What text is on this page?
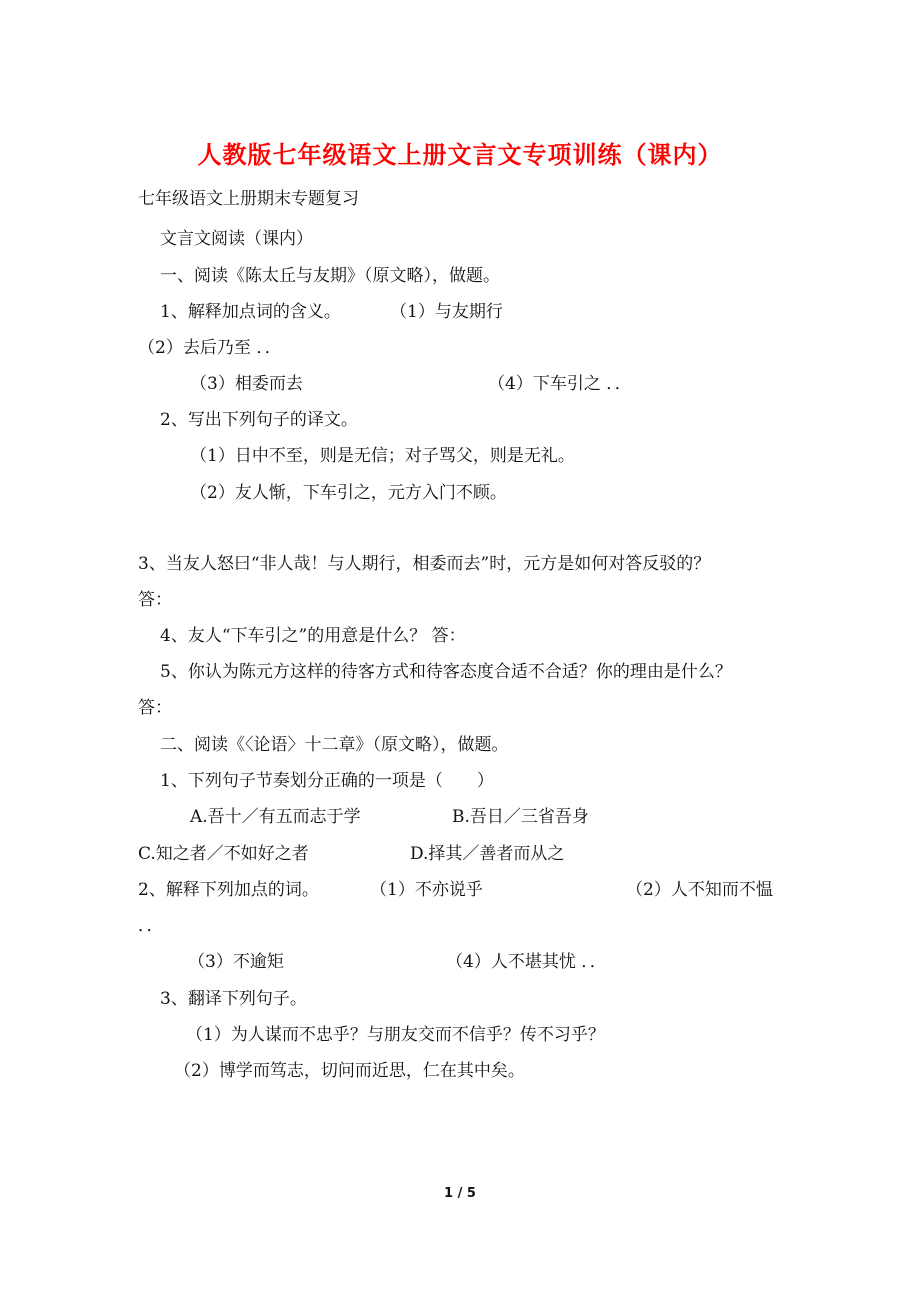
人教版七年级语文上册文言文专项训练（课内）
七年级语文上册期末专题复习
文言文阅读（课内）
一、阅读《陈太丘与友期》（原文略），做题。
1、解释加点词的含义。	（1）与友期行
（2）去后乃至 ．．
（3）相委而去	（4）下车引之 ．．
2、写出下列句子的译文。
（1）日中不至，则是无信；对子骂父，则是无礼。
（2）友人惭，下车引之，元方入门不顾。
3、当友人怒曰“非人哉！与人期行，相委而去”时，元方是如何对答反驳的？
答：
4、友人“下车引之”的用意是什么？ 答：
5、你认为陈元方这样的待客方式和待客态度合适不合适？你的理由是什么？
答：
二、阅读《〈论语〉十二章》（原文略），做题。
1、下列句子节奏划分正确的一项是（　　）
A.吾十／有五而志于学	B.吾日／三省吾身
C.知之者／不如好之者	D.择其／善者而从之
2、解释下列加点的词。	（1）不亦说乎	（2）人不知而不愠
．．
（3）不逾矩	（4）人不堪其忧 ．．
3、翻译下列句子。
（1）为人谋而不忠乎？与朋友交而不信乎？传不习乎？
（2）博学而笃志，切问而近思，仁在其中矣。
1 / 5
